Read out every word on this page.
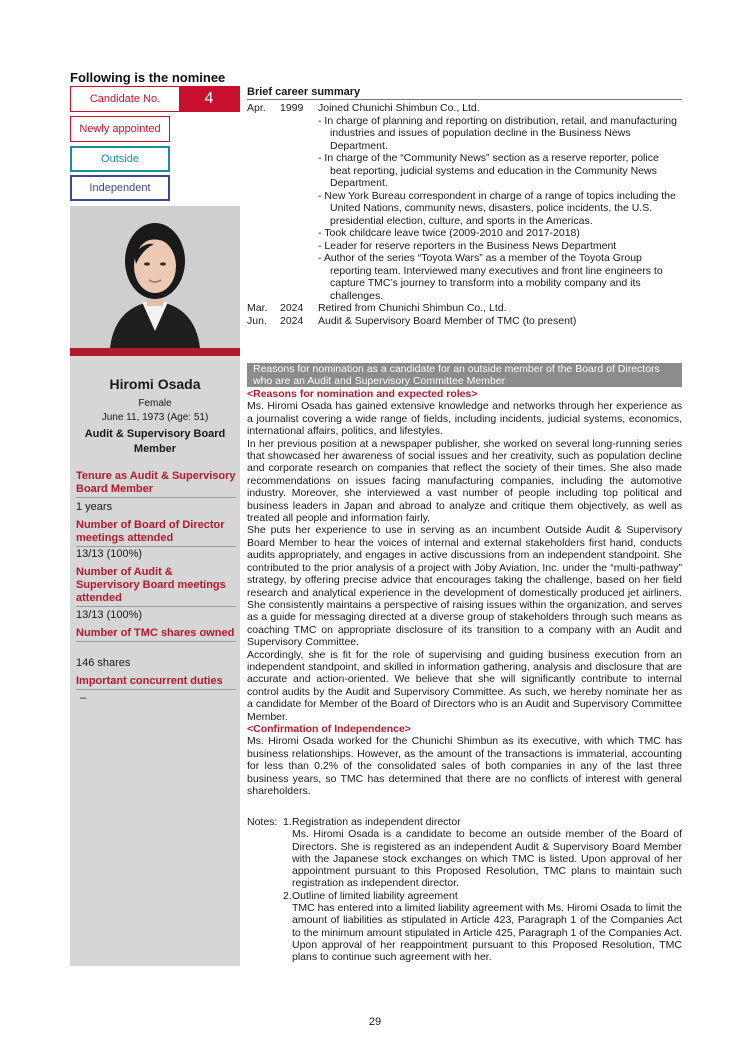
Following is the nominee
Candidate No.	4
Newly appointed
Outside
Independent
Hiromi Osada
Female
June 11, 1973 (Age: 51)
Audit & Supervisory Board Member
Tenure as Audit & Supervisory Board Member
1 years
Number of Board of Director meetings attended
13/13 (100%)
Number of Audit & Supervisory Board meetings attended
13/13 (100%)
Number of TMC shares owned
146 shares
Important concurrent duties
–
Brief career summary
Apr.	1999	Joined Chunichi Shimbun Co., Ltd.
- In charge of planning and reporting on distribution, retail, and manufacturing industries and issues of population decline in the Business News Department.
- In charge of the “Community News” section as a reserve reporter, police beat reporting, judicial systems and education in the Community News Department.
- New York Bureau correspondent in charge of a range of topics including the United Nations, community news, disasters, police incidents, the U.S. presidential election, culture, and sports in the Americas.
- Took childcare leave twice (2009-2010 and 2017-2018)
- Leader for reserve reporters in the Business News Department
- Author of the series “Toyota Wars” as a member of the Toyota Group reporting team. Interviewed many executives and front line engineers to capture TMC’s journey to transform into a mobility company and its challenges.
Mar.	2024	Retired from Chunichi Shimbun Co., Ltd.
Jun.	2024	Audit & Supervisory Board Member of TMC (to present)
Reasons for nomination as a candidate for an outside member of the Board of Directors who are an Audit and Supervisory Committee Member
<Reasons for nomination and expected roles>

Ms. Hiromi Osada has gained extensive knowledge and networks through her experience as a journalist covering a wide range of fields, including incidents, judicial systems, economics, international affairs, politics, and lifestyles.

In her previous position at a newspaper publisher, she worked on several long-running series that showcased her awareness of social issues and her creativity, such as population decline and corporate research on companies that reflect the society of their times. She also made recommendations on issues facing manufacturing companies, including the automotive industry. Moreover, she interviewed a vast number of people including top political and business leaders in Japan and abroad to analyze and critique them objectively, as well as treated all people and information fairly.

She puts her experience to use in serving as an incumbent Outside Audit & Supervisory Board Member to hear the voices of internal and external stakeholders first hand, conducts audits appropriately, and engages in active discussions from an independent standpoint. She contributed to the prior analysis of a project with Joby Aviation, Inc. under the “multi-pathway” strategy, by offering precise advice that encourages taking the challenge, based on her field research and analytical experience in the development of domestically produced jet airliners. She consistently maintains a perspective of raising issues within the organization, and serves as a guide for messaging directed at a diverse group of stakeholders through such means as coaching TMC on appropriate disclosure of its transition to a company with an Audit and Supervisory Committee.

Accordingly, she is fit for the role of supervising and guiding business execution from an independent standpoint, and skilled in information gathering, analysis and disclosure that are accurate and action-oriented. We believe that she will significantly contribute to internal control audits by the Audit and Supervisory Committee. As such, we hereby nominate her as a candidate for Member of the Board of Directors who is an Audit and Supervisory Committee Member.

<Confirmation of Independence>

Ms. Hiromi Osada worked for the Chunichi Shimbun as its executive, with which TMC has business relationships. However, as the amount of the transactions is immaterial, accounting for less than 0.2% of the consolidated sales of both companies in any of the last three business years, so TMC has determined that there are no conflicts of interest with general shareholders.

Notes: 1. Registration as independent director
Ms. Hiromi Osada is a candidate to become an outside member of the Board of Directors. She is registered as an independent Audit & Supervisory Board Member with the Japanese stock exchanges on which TMC is listed. Upon approval of her appointment pursuant to this Proposed Resolution, TMC plans to maintain such registration as independent director.
2. Outline of limited liability agreement
TMC has entered into a limited liability agreement with Ms. Hiromi Osada to limit the amount of liabilities as stipulated in Article 423, Paragraph 1 of the Companies Act to the minimum amount stipulated in Article 425, Paragraph 1 of the Companies Act. Upon approval of her reappointment pursuant to this Proposed Resolution, TMC plans to continue such agreement with her.
29
